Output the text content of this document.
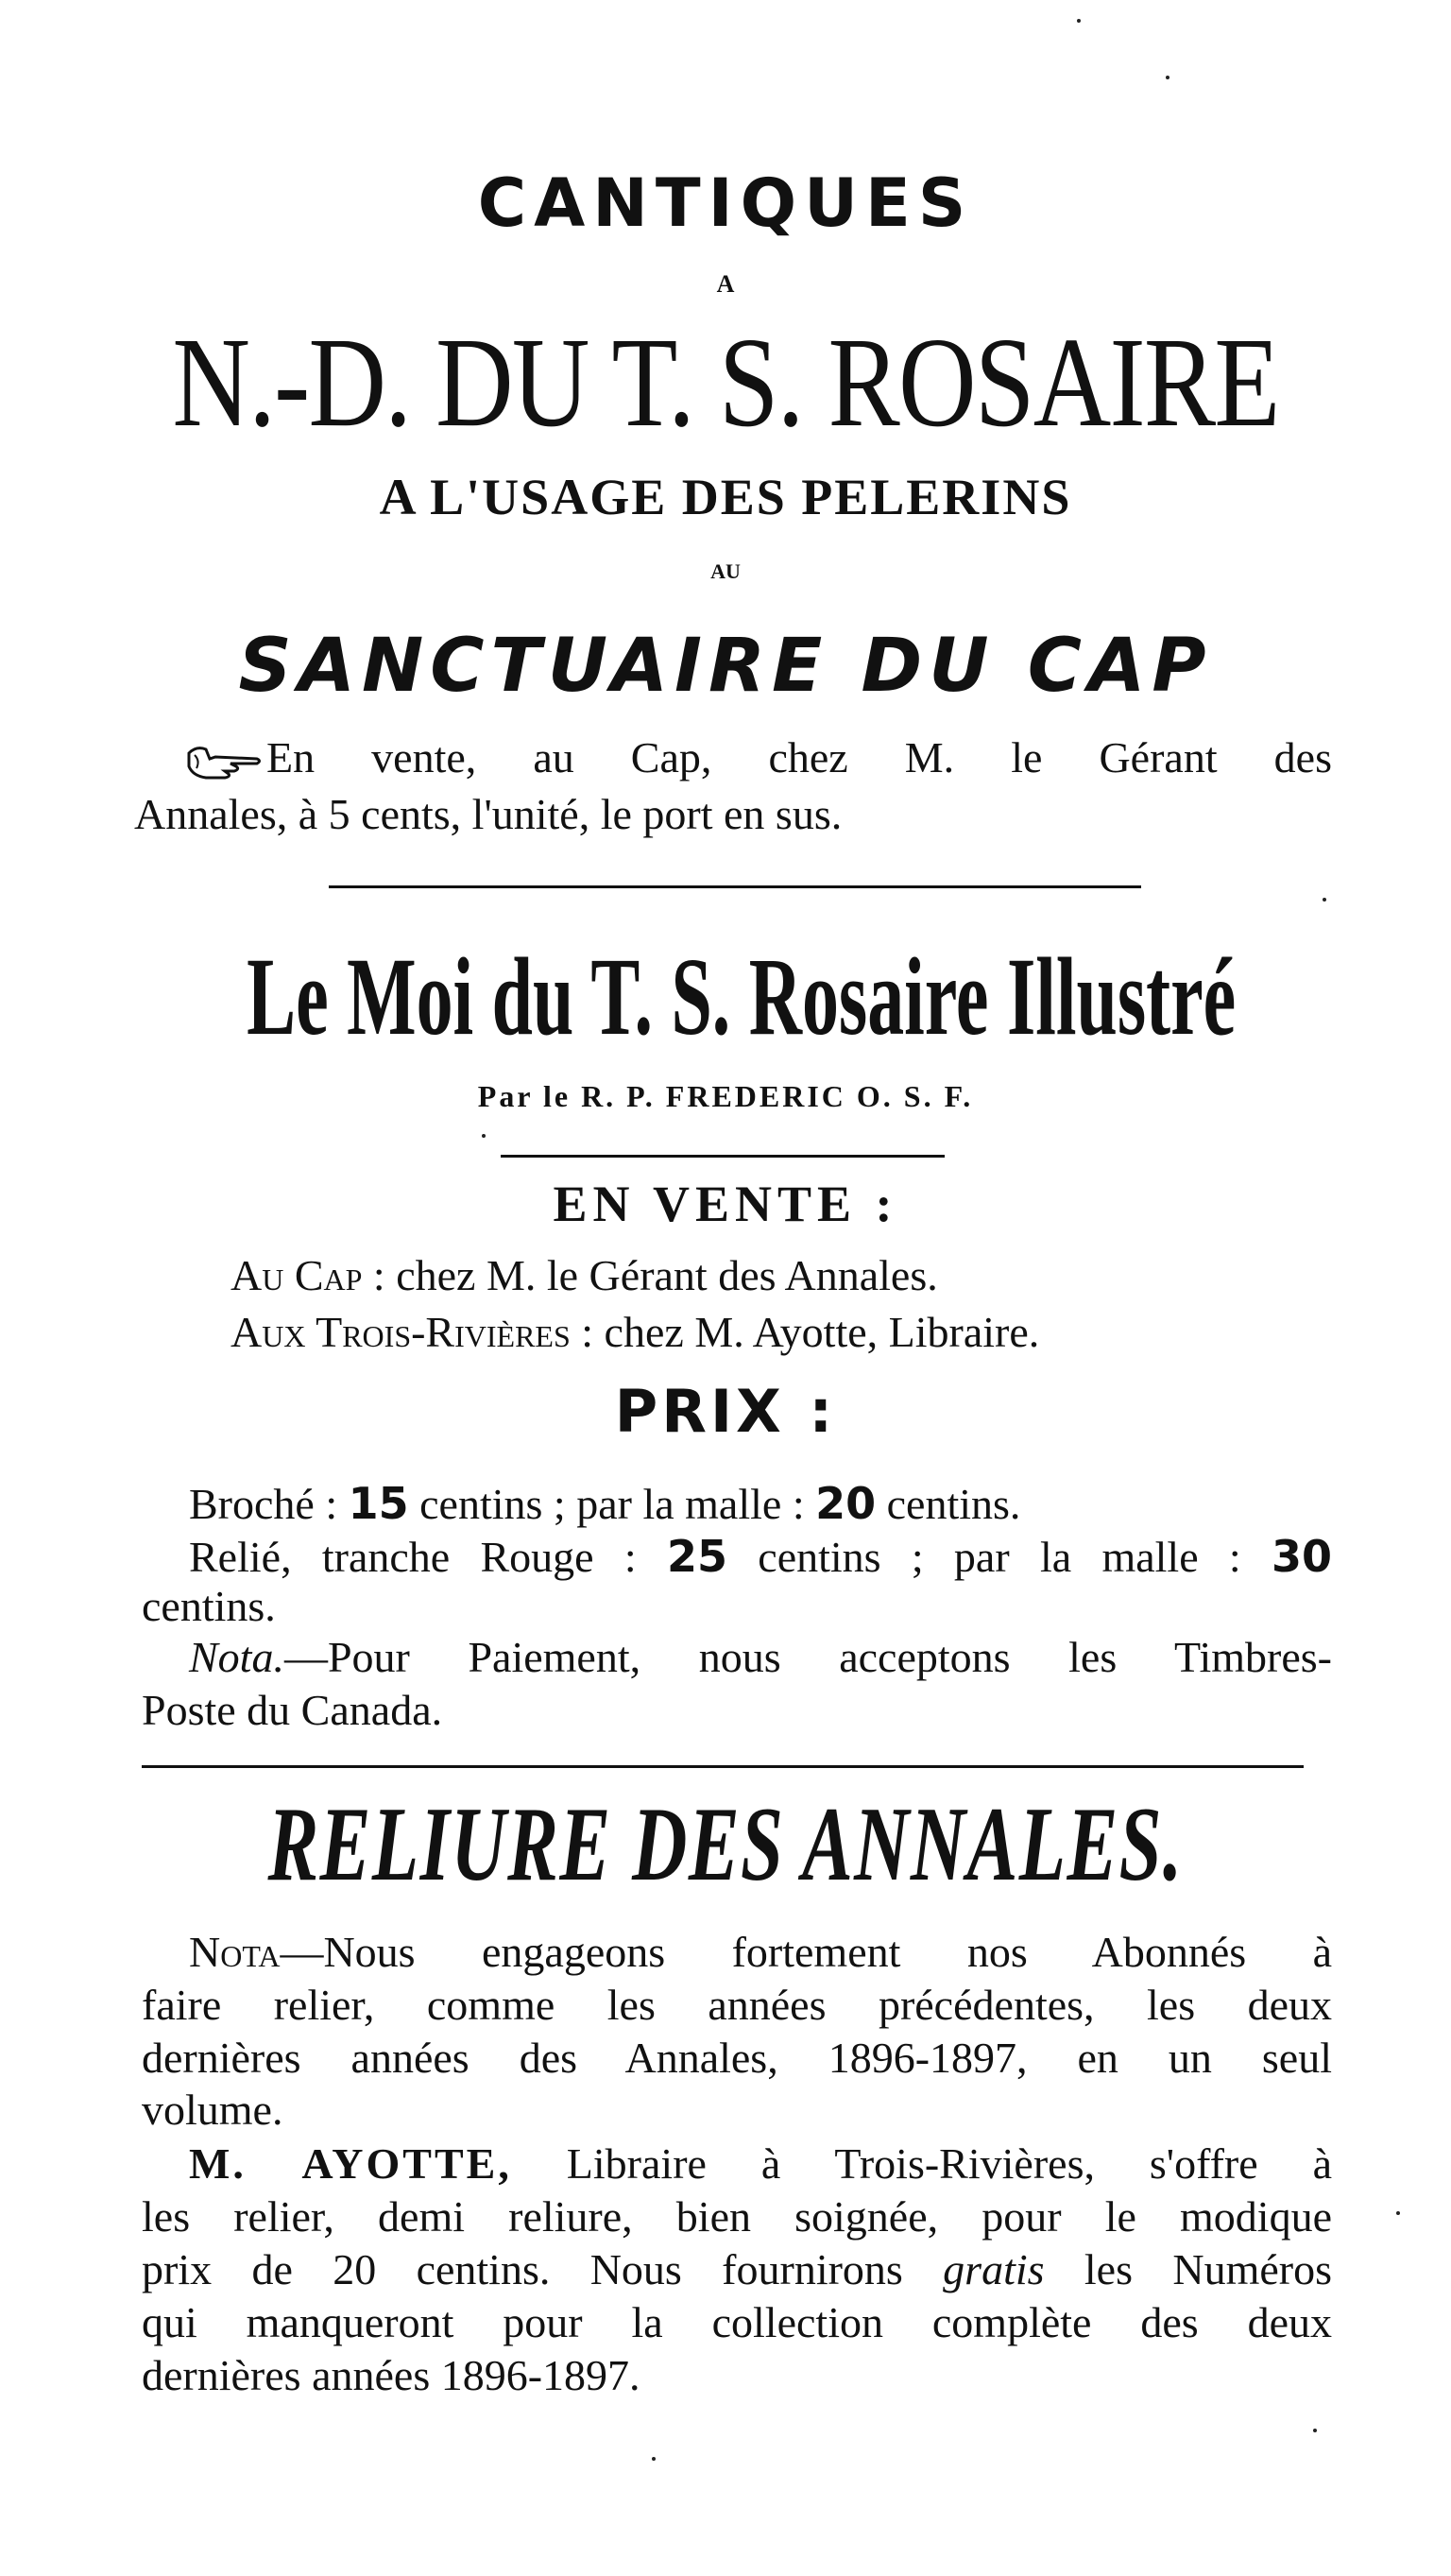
CANTIQUES
A
N.-D. DU T. S. ROSAIRE
A L'USAGE DES PELERINS
AU
SANCTUAIRE DU CAP
En vente, au Cap, chez M. le Gérant des
Annales, à 5 cents, l'unité, le port en sus.
Le Moi du T. S. Rosaire Illustré
Par le R. P. FREDERIC O. S. F.
EN VENTE :
Au Cap : chez M. le Gérant des Annales.
Aux Trois-Rivières : chez M. Ayotte, Libraire.
PRIX :
Broché : 15 centins ; par la malle : 20 centins.
Relié, tranche Rouge : 25 centins ; par la malle : 30
centins.
Nota.—Pour Paiement, nous acceptons les Timbres-
Poste du Canada.
RELIURE DES ANNALES.
Nota—Nous engageons fortement nos Abonnés à
faire relier, comme les années précédentes, les deux
dernières années des Annales, 1896-1897, en un seul
volume.
M. AYOTTE, Libraire à Trois-Rivières, s'offre à
les relier, demi reliure, bien soignée, pour le modique
prix de 20 centins. Nous fournirons gratis les Numéros
qui manqueront pour la collection complète des deux
dernières années 1896-1897.
